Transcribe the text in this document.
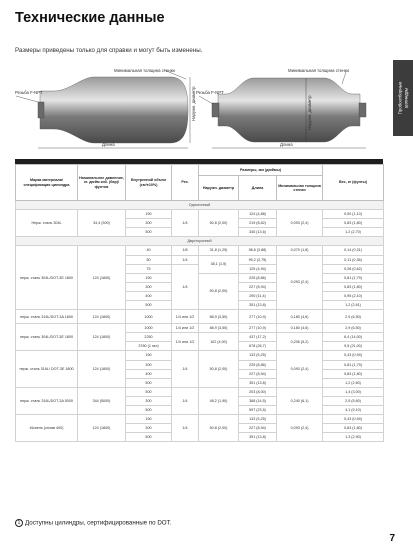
Технические данные
Размеры приведены только для справки и могут быть изменены.
Пробоотборные цилиндры
Резьба F-NPT
Минимальная толщина стенки
Наружн. диаметр
Длина
Резьба F-NPT
Минимальная толщина стенки
Наружн. диаметр
Длина
Марка материала/ спецификация цилиндра	Номинальное давление, кг. дюйм изб. (бар)/фунтов	Внутренний объем (см³±10%)	Рез.	Размеры, мм (дюймы)			Вес, кг (фунты)
				Наружн. диаметр	Длина	Минимальная толщина стенки	
Однотонный							
Нерж. сталь 304L	34,4 (500)	150	1/4	50,8 (2,00)	124 (4,88)	0,093 (2,4)	0,50 (1,10)
		300			219 (8,62)		0,83 (1,80)
		500			345 (13,6)		1,2 (2,70)
Двусторонний							
нерж. сталь 304L/DOT-3E 1800	124 (1800)	40	1/8	31,8 (1,25)	98,6 (3,88)	0,070 (1,8)	0,14 (0,31)
		50	1/4	38,1 (1,5)	95,2 (3,75)	0,093 (2,4)	0,11 (0,38)
		75	1/4		125 (4,94)		0,28 (0,62)
		150		50,8 (2,00)	225 (8,86)		0,81 (1,79)
		300			227 (8,94)		0,83 (1,80)
		400			290 (11,4)		0,95 (2,10)
		500			351 (13,8)		1,2 (2,61)
нерж. сталь 316L/DOT-3A 1800	124 (1800)	1000	1/4 или 1/2	88,9 (3,50)	277 (10,9)	0,180 (4,6)	2,9 (6,50)
нерж. сталь 304L/DOT-3E 1800	124 (1800)	1000	1/4 или 1/2	88,9 (3,50)	277 (10,9)	0,180 (4,6)	2,9 (6,50)
		2250	1/4 или 1/2	102 (4,00)	437 (17,2)	0,206 (5,2)	6,4 (14,00)
		3780 (1 гал)			678 (26,7)		9,5 (21,00)
нерж. сталь 316L/ DOT-3E 1800	124 (1800)	150	1/4	50,8 (2,00)	133 (5,25)	0,093 (2,4)	0,43 (0,94)
		300			225 (8,86)		0,81 (1,79)
		400			227 (8,94)		0,83 (1,80)
		500			351 (13,8)		1,2 (2,60)
нерж. сталь 316L/DOT-3A 5000	344 (5000)	500	1/4	48,2 (1,90)	203 (8,00)	0,240 (6,1)	1,4 (3,00)
		300			368 (14,5)		2,5 (5,60)
		500			597 (23,5)		4,1 (9,10)
Монель (сплав 400)	124 (1800)	150	1/4	50,8 (2,00)	133 (5,25)	0,093 (2,4)	0,43 (0,94)
		300			227 (8,94)		0,83 (1,80)
		500			351 (13,8)		1,3 (2,90)
1 Доступны цилиндры, сертифицированные по DOT.
7
